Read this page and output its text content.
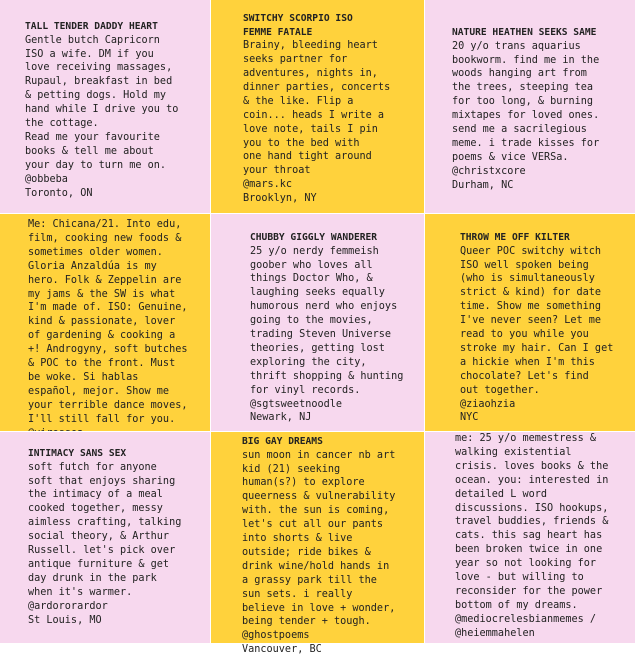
TALL TENDER DADDY HEART
Gentle butch Capricorn
ISO a wife. DM if you
love receiving massages,
Rupaul, breakfast in bed
& petting dogs. Hold my
hand while I drive you to
the cottage.
Read me your favourite
books & tell me about
your day to turn me on.
@obbeba
Toronto, ON
SWITCHY SCORPIO ISO
FEMME FATALE
Brainy, bleeding heart
seeks partner for
adventures, nights in,
dinner parties, concerts
& the like. Flip a
coin... heads I write a
love note, tails I pin
you to the bed with
one hand tight around
your throat
@mars.kc
Brooklyn, NY
NATURE HEATHEN SEEKS SAME
20 y/o trans aquarius
bookworm. find me in the
woods hanging art from
the trees, steeping tea
for too long, & burning
mixtapes for loved ones.
send me a sacrilegious
meme. i trade kisses for
poems & vice VERSa.
@christxcore
Durham, NC
Me: Chicana/21. Into edu,
film, cooking new foods &
sometimes older women.
Gloria Anzaldúa is my
hero. Folk & Zeppelin are
my jams & the SW is what
I'm made of. ISO: Genuine,
kind & passionate, lover
of gardening & cooking a
+! Androgyny, soft butches
& POC to the front. Must
be woke. Si hablas
español, mejor. Show me
your terrible dance moves,
I'll still fall for you.

CHUBBY GIGGLY WANDERER
25 y/o nerdy femmeish
goober who loves all
things Doctor Who, &
laughing seeks equally
humorous nerd who enjoys
going to the movies,
trading Steven Universe
theories, getting lost
exploring the city,
thrift shopping & hunting
for vinyl records.
@sgtsweetnoodle
Newark, NJ
THROW ME OFF KILTER
Queer POC switchy witch
ISO well spoken being
(who is simultaneously
strict & kind) for date
time. Show me something
I've never seen? Let me
read to you while you
stroke my hair. Can I get
a hickie when I'm this
chocolate? Let's find
out together.
@ziaohzia
NYC
INTIMACY SANS SEX
soft futch for anyone
soft that enjoys sharing
the intimacy of a meal
cooked together, messy
aimless crafting, talking
social theory, & Arthur
Russell. let's pick over
antique furniture & get
day drunk in the park
when it's warmer.
@ardororardor
St Louis, MO
BIG GAY DREAMS
sun moon in cancer nb art
kid (21) seeking
human(s?) to explore
queerness & vulnerability
with. the sun is coming,
let's cut all our pants
into shorts & live
outside; ride bikes &
drink wine/hold hands in
a grassy park till the
sun sets. i really
believe in love + wonder,
being tender + tough.
@ghostpoems
Vancouver, BC
me: 25 y/o memestress &
walking existential
crisis. loves books & the
ocean. you: interested in
detailed L word
discussions. ISO hookups,
travel buddies, friends &
cats. this sag heart has
been broken twice in one
year so not looking for
love - but willing to
reconsider for the power
bottom of my dreams.
@mediocrelesbianmemes /
@heiemmahelen
